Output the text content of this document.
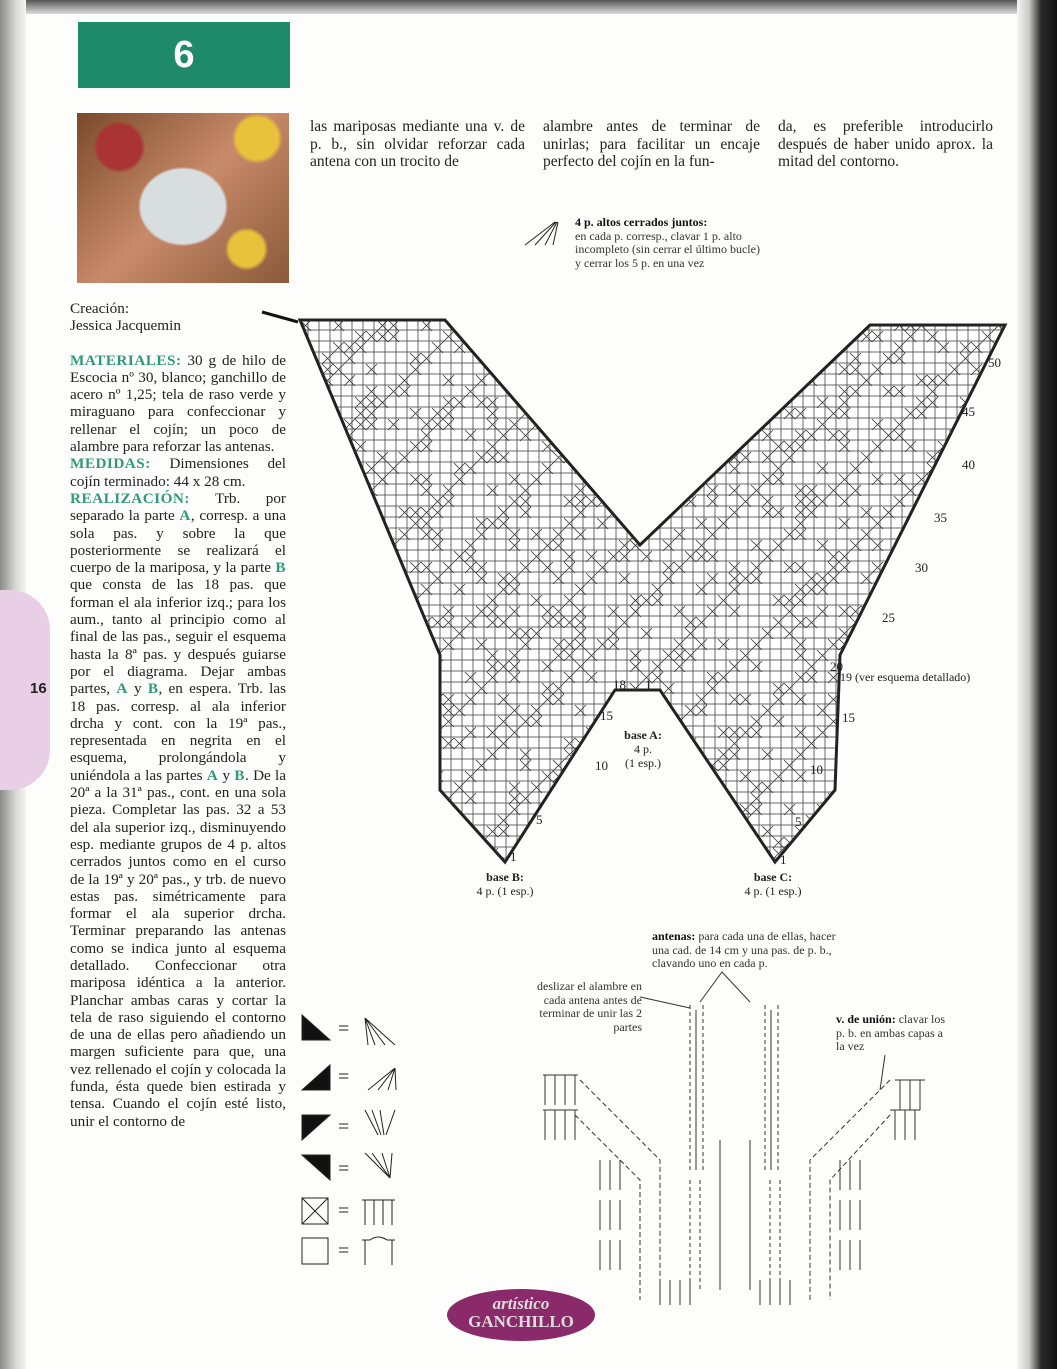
16
6
Creación:
Jessica Jacquemin
MATERIALES: 30 g de hilo de Escocia nº 30, blanco; ganchillo de acero nº 1,25; tela de raso verde y miraguano para confeccionar y rellenar el cojín; un poco de alambre para reforzar las antenas.
MEDIDAS: Dimensiones del cojín terminado: 44 x 28 cm.
REALIZACIÓN: Trb. por separado la parte A, corresp. a una sola pas. y sobre la que posteriormente se realizará el cuerpo de la mariposa, y la parte B que consta de las 18 pas. que forman el ala inferior izq.; para los aum., tanto al principio como al final de las pas., seguir el esquema hasta la 8ª pas. y después guiarse por el diagrama. Dejar ambas partes, A y B, en espera. Trb. las 18 pas. corresp. al ala inferior drcha y cont. con la 19ª pas., representada en negrita en el esquema, prolongándola y uniéndola a las partes A y B. De la 20ª a la 31ª pas., cont. en una sola pieza. Completar las pas. 32 a 53 del ala superior izq., disminuyendo esp. mediante grupos de 4 p. altos cerrados juntos como en el curso de la 19ª y 20ª pas., y trb. de nuevo estas pas. simétricamente para formar el ala superior drcha. Terminar preparando las antenas como se indica junto al esquema detallado. Confeccionar otra mariposa idéntica a la anterior. Planchar ambas caras y cortar la tela de raso siguiendo el contorno de una de ellas pero añadiendo un margen suficiente para que, una vez rellenado el cojín y colocada la funda, ésta quede bien estirada y tensa. Cuando el cojín esté listo, unir el contorno de
las mariposas mediante una v. de p. b., sin olvidar reforzar cada antena con un trocito de
alambre antes de terminar de unirlas; para facilitar un encaje perfecto del cojín en la fun-
da, es preferible introducirlo después de haber unido aprox. la mitad del contorno.
4 p. altos cerrados juntos:
en cada p. corresp., clavar 1 p. alto incompleto (sin cerrar el último bucle) y cerrar los 5 p. en una vez
50
45
40
35
30
25
20
19 (ver esquema detallado)
15
10
5
1
18 1
15
10
5
1
base A:
4 p.
(1 esp.)
base B:
4 p. (1 esp.)
base C:
4 p. (1 esp.)
=
=
=
=
=
=
antenas: para cada una de ellas, hacer una cad. de 14 cm y una pas. de p. b., clavando uno en cada p.
deslizar el alambre en cada antena antes de terminar de unir las 2 partes
v. de unión: clavar los p. b. en ambas capas a la vez
artístico
GANCHILLO
